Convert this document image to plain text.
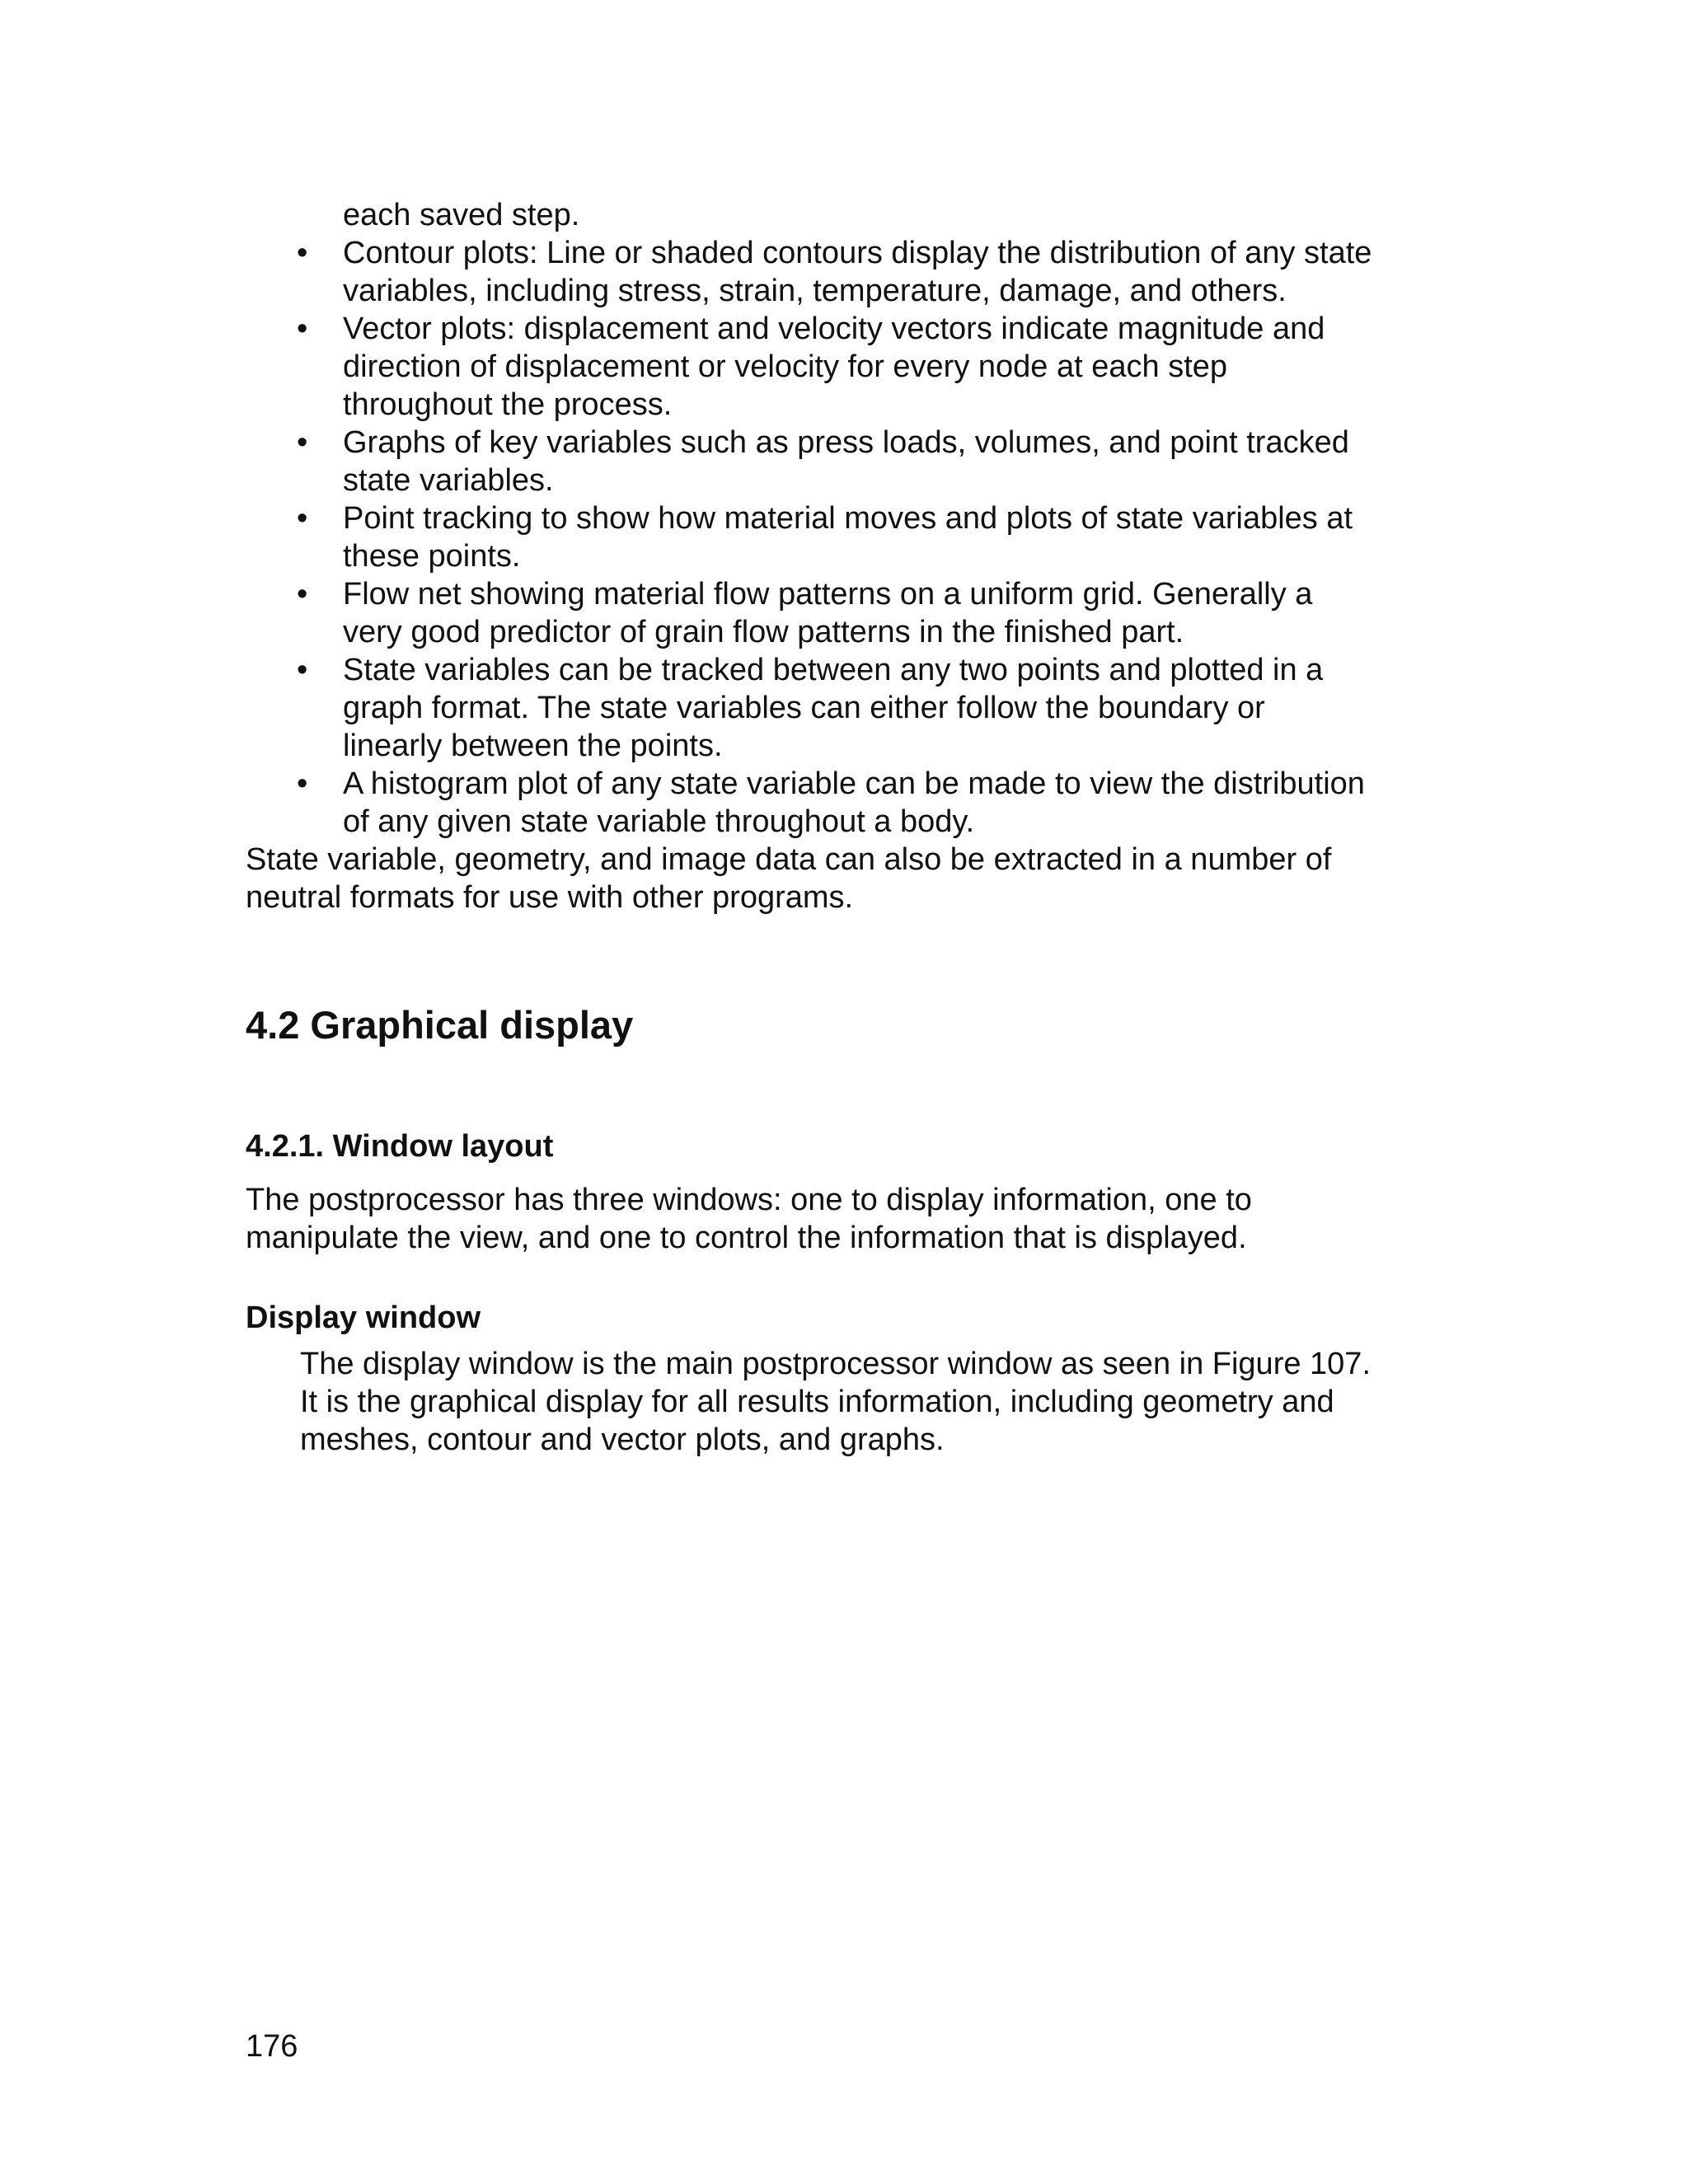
each saved step.
• Contour plots: Line or shaded contours display the distribution of any state
variables, including stress, strain, temperature, damage, and others.
• Vector plots: displacement and velocity vectors indicate magnitude and
direction of displacement or velocity for every node at each step
throughout the process.
• Graphs of key variables such as press loads, volumes, and point tracked
state variables.
• Point tracking to show how material moves and plots of state variables at
these points.
• Flow net showing material flow patterns on a uniform grid. Generally a
very good predictor of grain flow patterns in the finished part.
• State variables can be tracked between any two points and plotted in a
graph format. The state variables can either follow the boundary or
linearly between the points.
• A histogram plot of any state variable can be made to view the distribution
of any given state variable throughout a body.
State variable, geometry, and image data can also be extracted in a number of
neutral formats for use with other programs.
4.2 Graphical display
4.2.1. Window layout
The postprocessor has three windows: one to display information, one to
manipulate the view, and one to control the information that is displayed.
Display window
The display window is the main postprocessor window as seen in Figure 107.
It is the graphical display for all results information, including geometry and
meshes, contour and vector plots, and graphs.
176
